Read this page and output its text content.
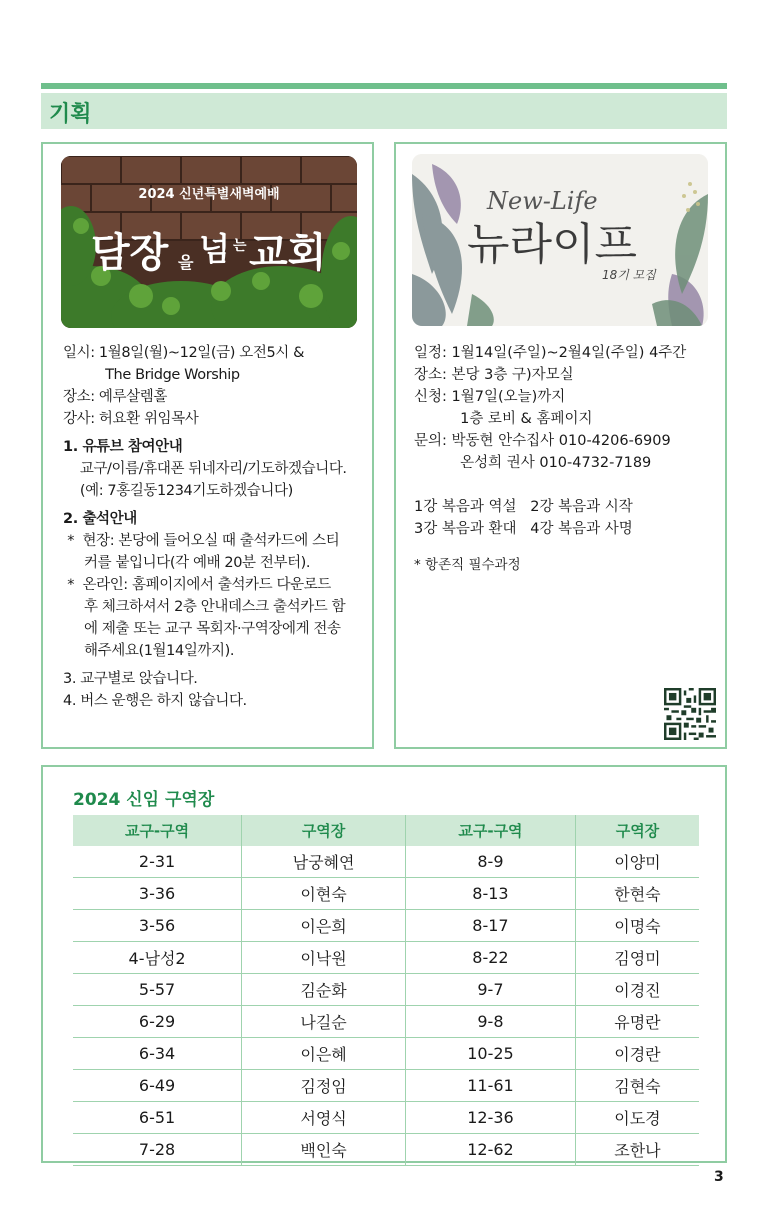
기획
2024 신년특별새벽예배
담장 을 넘 는 교회

일시: 1월8일(월)~12일(금) 오전5시 &

The Bridge Worship

장소: 예루살렘홀

강사: 허요환 위임목사

1. 유튜브 참여안내

교구/이름/휴대폰 뒤네자리/기도하겠습니다.

(예: 7홍길동1234기도하겠습니다)

2. 출석안내

*  현장: 본당에 들어오실 때 출석카드에 스티

커를 붙입니다(각 예배 20분 전부터).

*  온라인: 홈페이지에서 출석카드 다운로드

후 체크하셔서 2층 안내데스크 출석카드 함

에 제출 또는 교구 목회자·구역장에게 전송

해주세요(1월14일까지).

3. 교구별로 앉습니다.

4. 버스 운행은 하지 않습니다.

New-Life
뉴라이프
18기 모집

일정: 1월14일(주일)~2월4일(주일) 4주간

장소: 본당 3층 구)자모실

신청: 1월7일(오늘)까지

1층 로비 & 홈페이지

문의: 박동현 안수집사 010-4206-6909

온성희 권사 010-4732-7189

1강 복음과 역설   2강 복음과 시작

3강 복음과 환대   4강 복음과 사명

* 항존직 필수과정

2024 신임 구역장
교구-구역	구역장	교구-구역	구역장
2-31	남궁혜연	8-9	이양미
3-36	이현숙	8-13	한현숙
3-56	이은희	8-17	이명숙
4-남성2	이낙원	8-22	김영미
5-57	김순화	9-7	이경진
6-29	나길순	9-8	유명란
6-34	이은혜	10-25	이경란
6-49	김정임	11-61	김현숙
6-51	서영식	12-36	이도경
7-28	백인숙	12-62	조한나
3
